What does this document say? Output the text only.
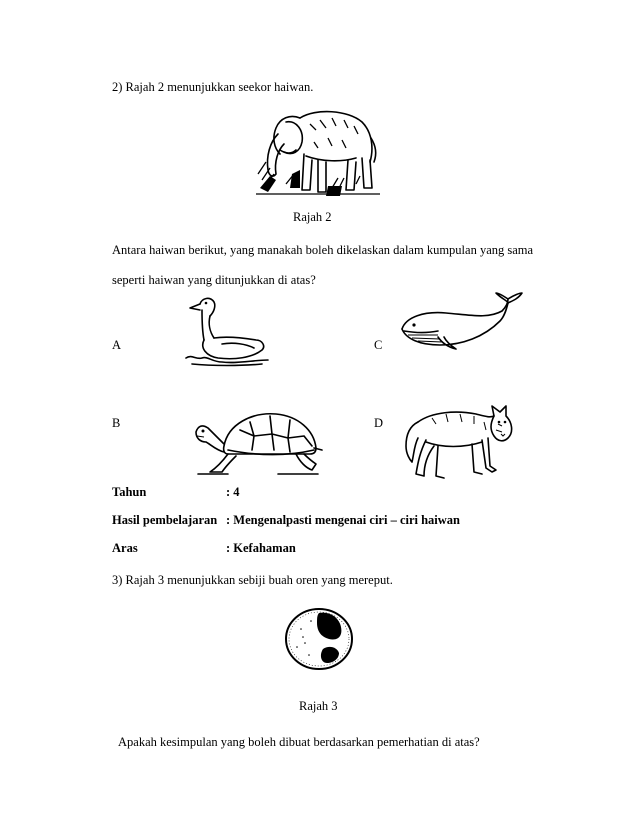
2) Rajah 2 menunjukkan seekor haiwan.
Rajah 2
Antara haiwan berikut, yang manakah boleh dikelaskan dalam kumpulan yang sama
seperti haiwan yang ditunjukkan di atas?
A	C
B	D
Tahun	: 4
Hasil pembelajaran : Mengenalpasti mengenai ciri – ciri haiwan
Aras	: Kefahaman
3) Rajah 3 menunjukkan sebiji buah oren yang mereput.
Rajah 3
Apakah kesimpulan yang boleh dibuat berdasarkan pemerhatian di atas?
